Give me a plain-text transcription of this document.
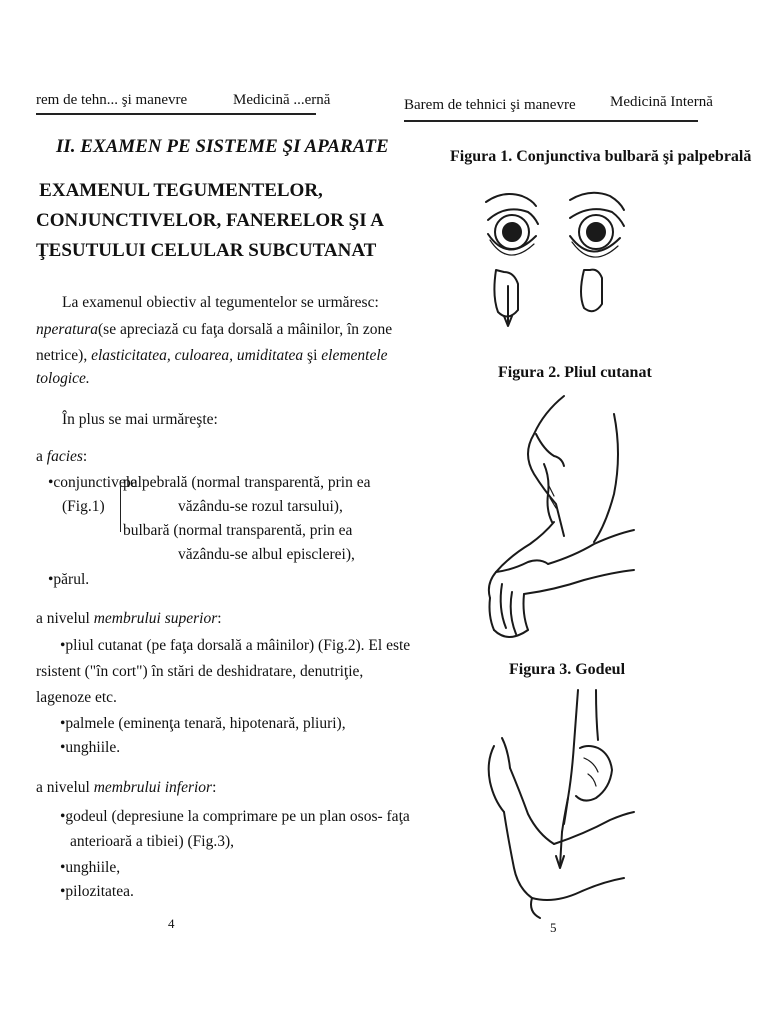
rem de tehn... şi manevre	Medicină ...ernă
II. EXAMEN PE SISTEME ŞI APARATE
EXAMENUL TEGUMENTELOR,
CONJUNCTIVELOR, FANERELOR ŞI A
ŢESUTULUI CELULAR SUBCUTANAT
La examenul obiectiv al tegumentelor se urmăresc:
nperatura(se apreciază cu faţa dorsală a mâinilor, în zone
netrice), elasticitatea, culoarea, umiditatea şi elementele
tologice.
În plus se mai urmăreşte:
a facies:
•conjunctivele
(Fig.1)
palpebrală (normal transparentă, prin ea
văzându-se rozul tarsului),
bulbară (normal transparentă, prin ea
văzându-se albul episclerei),
•părul.
a nivelul membrului superior:
•pliul cutanat (pe faţa dorsală a mâinilor) (Fig.2). El este
rsistent ("în cort") în stări de deshidratare, denutriţie,
lagenoze etc.
•palmele (eminenţa tenară, hipotenară, pliuri),
•unghiile.
a nivelul membrului inferior:
•godeul (depresiune la comprimare pe un plan osos- faţa
anterioară a tibiei) (Fig.3),
•unghiile,
•pilozitatea.
4
Barem de tehnici şi manevre Medicină Internă
Figura 1. Conjunctiva bulbară şi palpebrală
Figura 2. Pliul cutanat
Figura 3. Godeul
5
